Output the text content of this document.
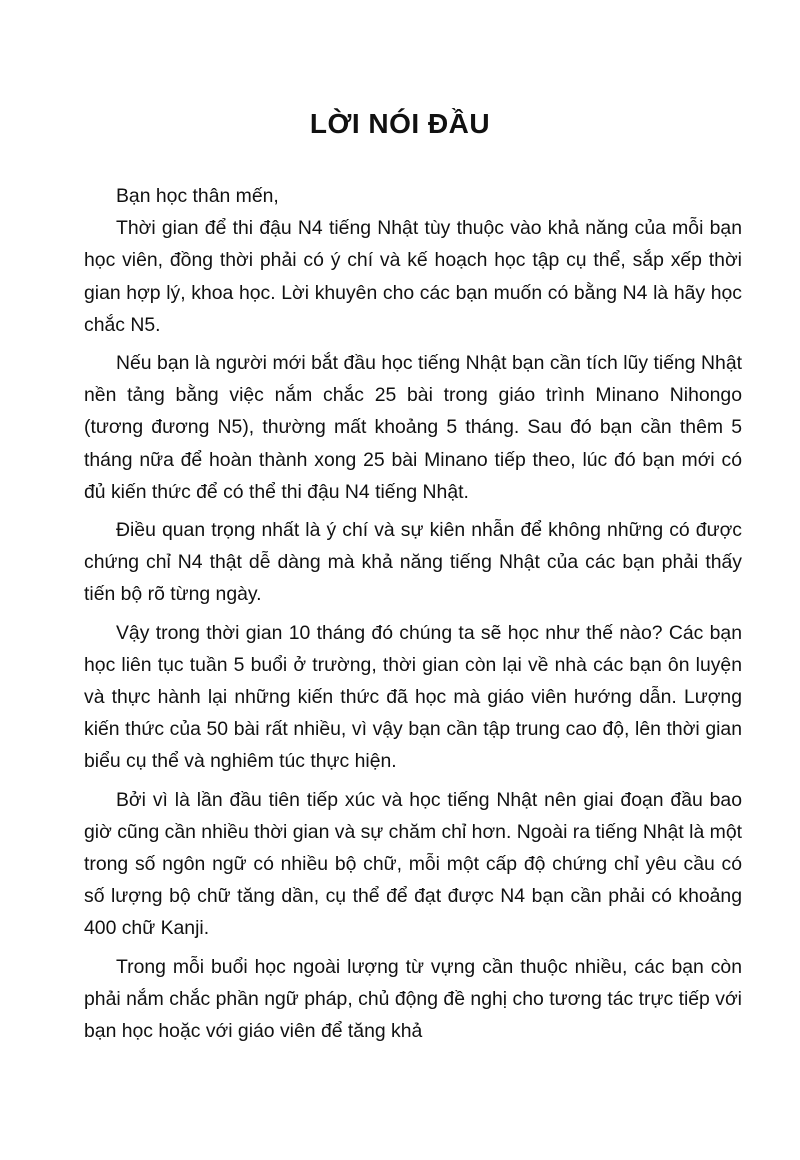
LỜI NÓI ĐẦU

Bạn học thân mến,

Thời gian để thi đậu N4 tiếng Nhật tùy thuộc vào khả năng của mỗi bạn học viên, đồng thời phải có ý chí và kế hoạch học tập cụ thể, sắp xếp thời gian hợp lý, khoa học. Lời khuyên cho các bạn muốn có bằng N4 là hãy học chắc N5.

Nếu bạn là người mới bắt đầu học tiếng Nhật bạn cần tích lũy tiếng Nhật nền tảng bằng việc nắm chắc 25 bài trong giáo trình Minano Nihongo (tương đương N5), thường mất khoảng 5 tháng. Sau đó bạn cần thêm 5 tháng nữa để hoàn thành xong 25 bài Minano tiếp theo, lúc đó bạn mới có đủ kiến thức để có thể thi đậu N4 tiếng Nhật.

Điều quan trọng nhất là ý chí và sự kiên nhẫn để không những có được chứng chỉ N4 thật dễ dàng mà khả năng tiếng Nhật của các bạn phải thấy tiến bộ rõ từng ngày.

Vậy trong thời gian 10 tháng đó chúng ta sẽ học như thế nào? Các bạn học liên tục tuần 5 buổi ở trường, thời gian còn lại về nhà các bạn ôn luyện và thực hành lại những kiến thức đã học mà giáo viên hướng dẫn. Lượng kiến thức của 50 bài rất nhiều, vì vậy bạn cần tập trung cao độ, lên thời gian biểu cụ thể và nghiêm túc thực hiện.

Bởi vì là lần đầu tiên tiếp xúc và học tiếng Nhật nên giai đoạn đầu bao giờ cũng cần nhiều thời gian và sự chăm chỉ hơn. Ngoài ra tiếng Nhật là một trong số ngôn ngữ có nhiều bộ chữ, mỗi một cấp độ chứng chỉ yêu cầu có số lượng bộ chữ tăng dần, cụ thể để đạt được N4 bạn cần phải có khoảng 400 chữ Kanji.

Trong mỗi buổi học ngoài lượng từ vựng cần thuộc nhiều, các bạn còn phải nắm chắc phần ngữ pháp, chủ động đề nghị cho tương tác trực tiếp với bạn học hoặc với giáo viên để tăng khả
